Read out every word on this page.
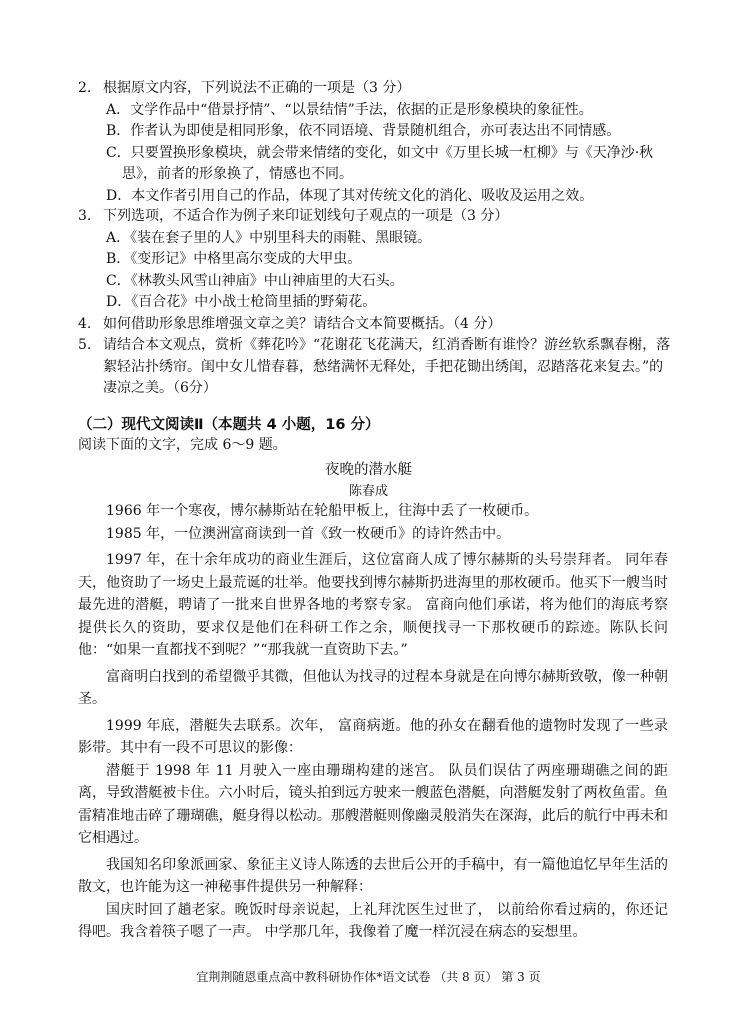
2. 根据原文内容，下列说法不正确的一项是（3 分）
A．文学作品中“借景抒情”、“以景结情”手法，依据的正是形象模块的象征性。
B．作者认为即使是相同形象，依不同语境、背景随机组合，亦可表达出不同情感。
C．只要置换形象模块，就会带来情绪的变化，如文中《万里长城一杠柳》与《天净沙·秋思》，前者的形象换了，情感也不同。
D．本文作者引用自己的作品，体现了其对传统文化的消化、吸收及运用之效。
3. 下列选项，不适合作为例子来印证划线句子观点的一项是（3 分）
A．《装在套子里的人》中别里科夫的雨鞋、黑眼镜。
B．《变形记》中格里高尔变成的大甲虫。
C．《林教头风雪山神庙》中山神庙里的大石头。
D．《百合花》中小战士枪筒里插的野菊花。
4. 如何借助形象思维增强文章之美？请结合文本简要概括。（4 分）
5. 请结合本文观点，赏析《葬花吟》“花谢花飞花满天，红消香断有谁怜？游丝软系飘春榭，落絮轻沾扑绣帘。闺中女儿惜春暮，愁绪满怀无释处，手把花锄出绣闺，忍踏落花来复去。”的凄凉之美。（6分）
（二）现代文阅读Ⅱ（本题共 4 小题，16 分）
阅读下面的文字，完成 6～9 题。
夜晚的潜水艇
陈春成

1966 年一个寒夜，博尔赫斯站在轮船甲板上，往海中丢了一枚硬币。

1985 年，一位澳洲富商读到一首《致一枚硬币》的诗许然击中。

1997 年，在十余年成功的商业生涯后，这位富商人成了博尔赫斯的头号崇拜者。 同年春天，他资助了一场史上最荒诞的壮举。他要找到博尔赫斯扔进海里的那枚硬币。他买下一艘当时最先进的潜艇，聘请了一批来自世界各地的考察专家。 富商向他们承诺，将为他们的海底考察提供长久的资助，要求仅是他们在科研工作之余，顺便找寻一下那枚硬币的踪迹。陈队长问他：“如果一直都找不到呢？”“那我就一直资助下去。”

富商明白找到的希望微乎其微，但他认为找寻的过程本身就是在向博尔赫斯致敬，像一种朝圣。

1999 年底，潜艇失去联系。次年， 富商病逝。他的孙女在翻看他的遗物时发现了一些录影带。其中有一段不可思议的影像：

潜艇于 1998 年 11 月驶入一座由珊瑚构建的迷宫。 队员们误估了两座珊瑚礁之间的距离，导致潜艇被卡住。六小时后，镜头拍到远方驶来一艘蓝色潜艇，向潜艇发射了两枚鱼雷。鱼雷精准地击碎了珊瑚礁，艇身得以松动。那艘潜艇则像幽灵般消失在深海，此后的航行中再未和它相遇过。

我国知名印象派画家、象征主义诗人陈透的去世后公开的手稿中，有一篇他追忆早年生活的散文，也许能为这一神秘事件提供另一种解释：

国庆时回了趟老家。晚饭时母亲说起，上礼拜沈医生过世了， 以前给你看过病的，你还记得吧。我含着筷子嗯了一声。 中学那几年，我像着了魔一样沉浸在病态的妄想里。

宜荆荆随恩重点高中教科研协作体*语文试卷 （共 8 页） 第 3 页
